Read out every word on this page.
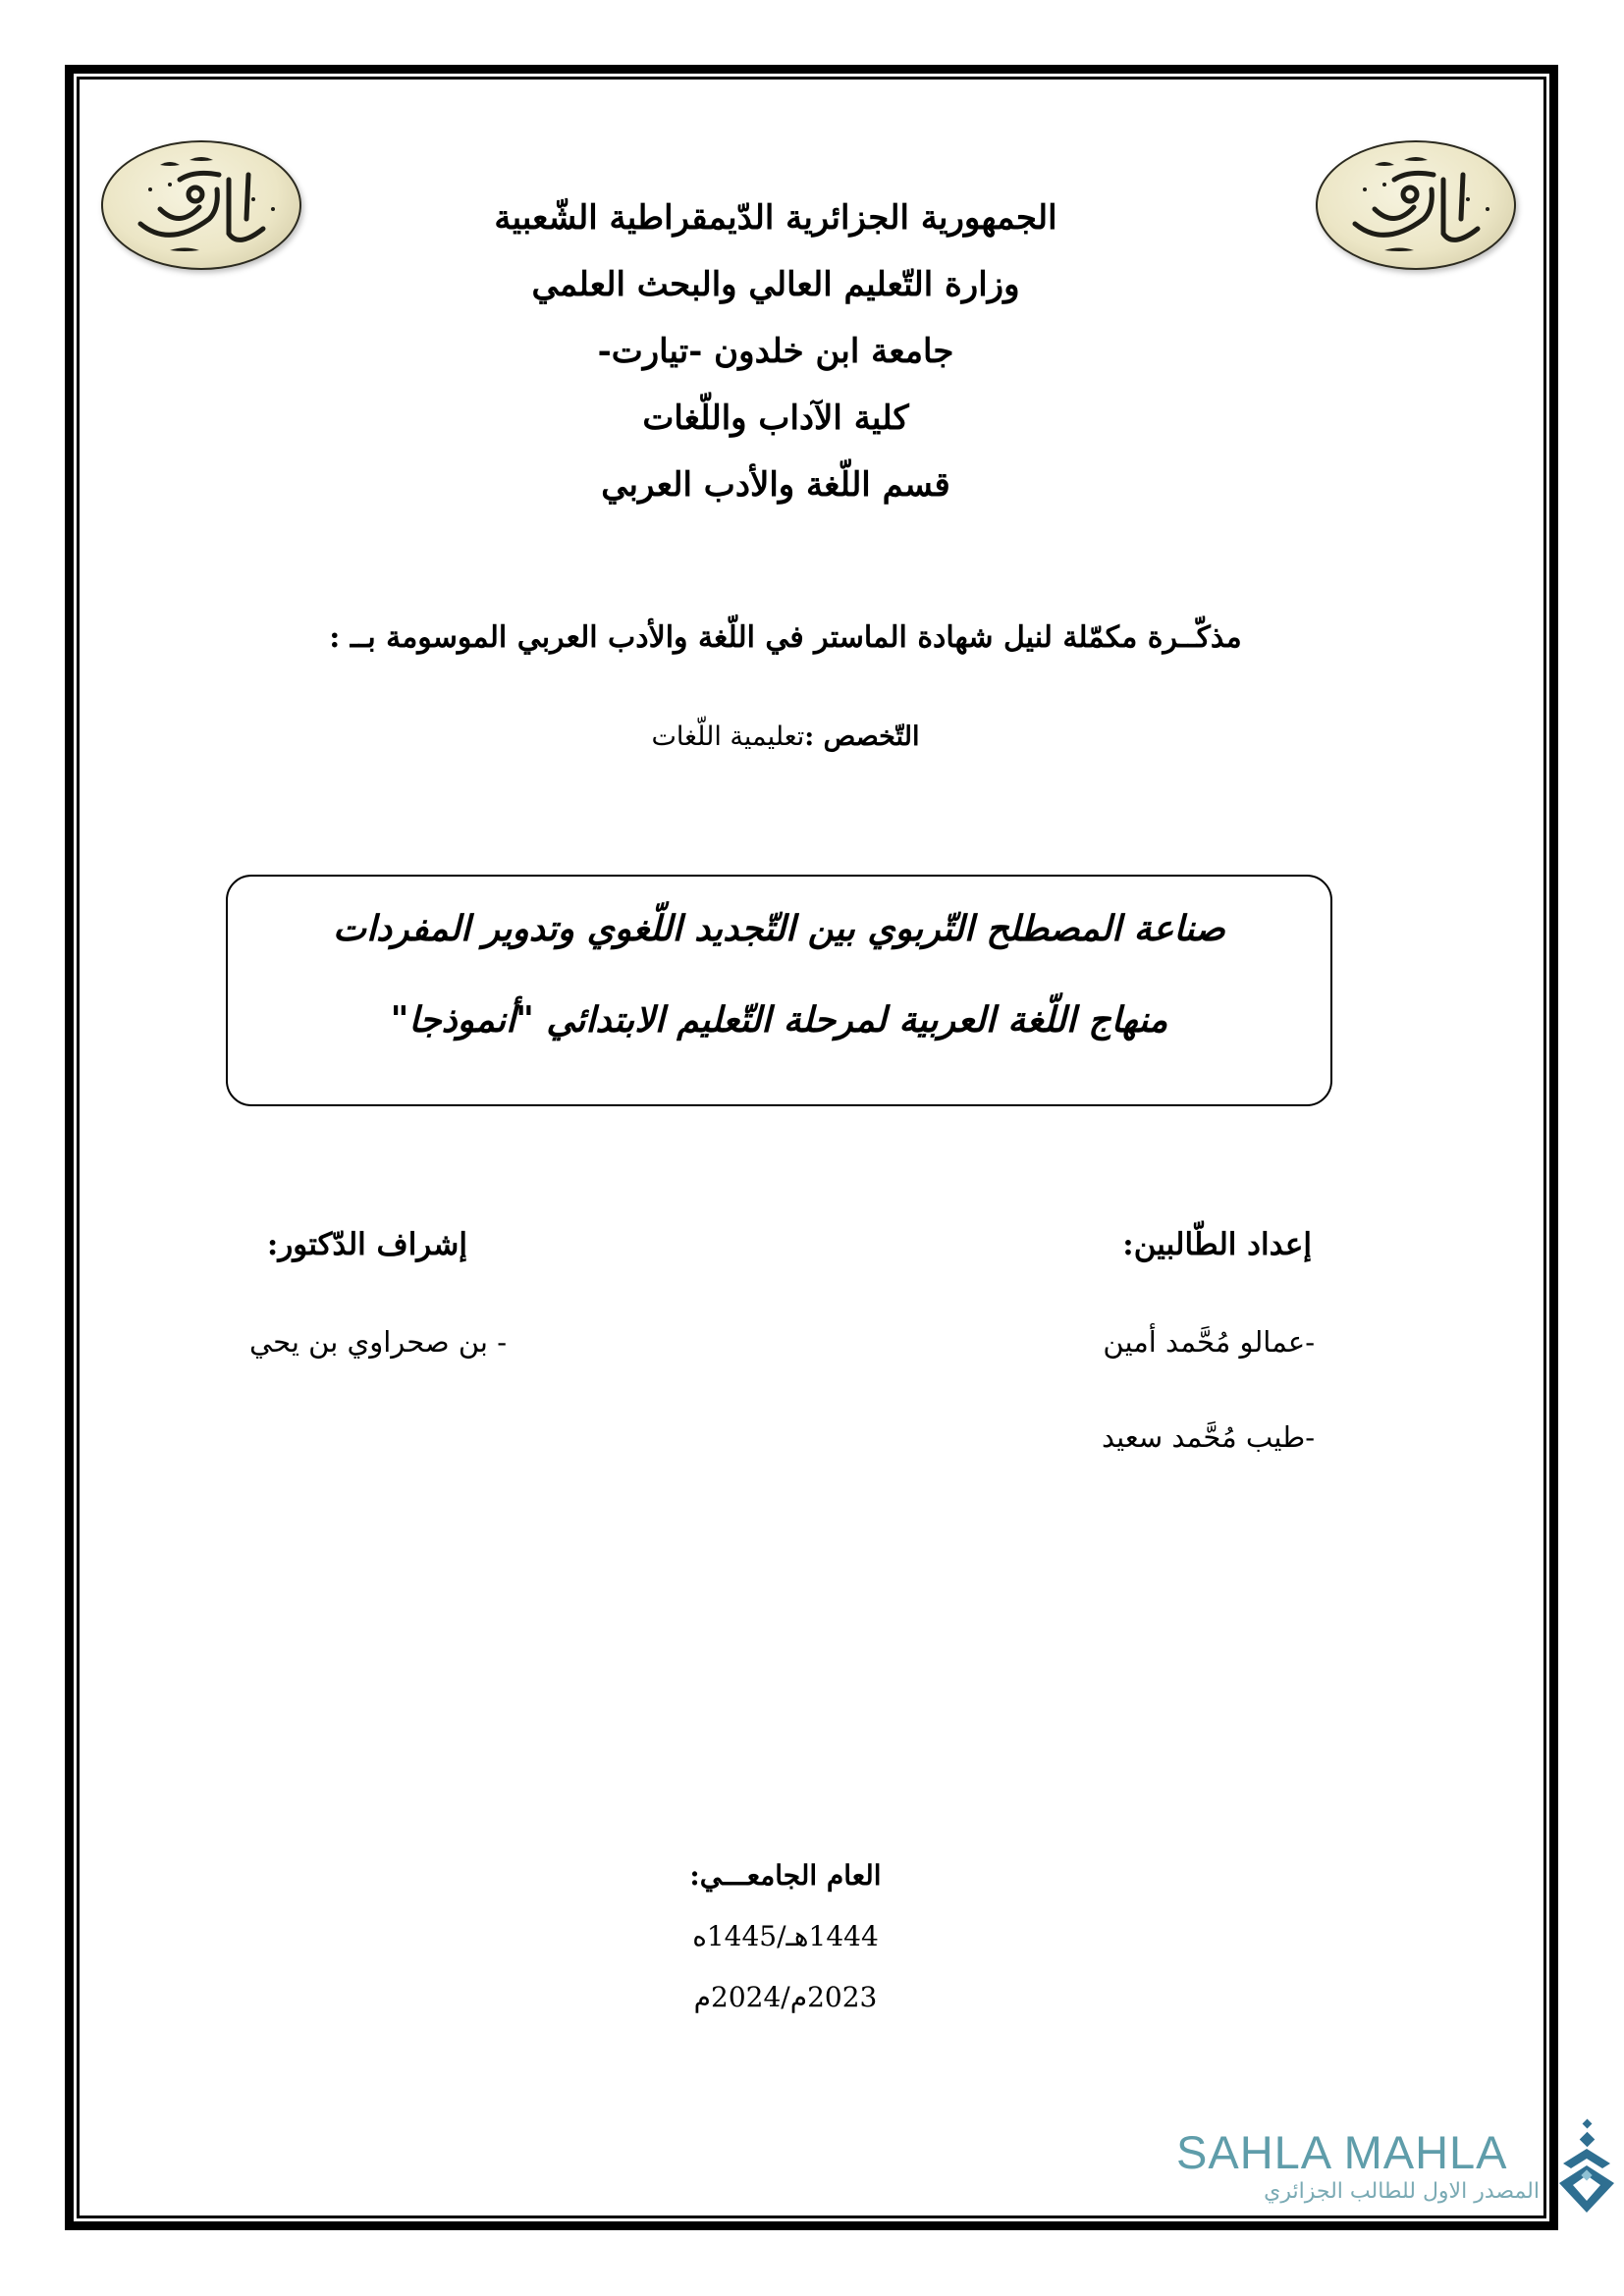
الجمهورية الجزائرية الدّيمقراطية الشّعبية
وزارة التّعليم العالي والبحث العلمي
جامعة ابن خلدون -تيارت-
كلية الآداب واللّغات
قسم اللّغة والأدب العربي
مذكّــرة مكمّلة لنيل شهادة الماستر في اللّغة والأدب العربي الموسومة بــ :
التّخصص :تعليمية اللّغات
صناعة المصطلح التّربوي بين التّجديد اللّغوي وتدوير المفردات
منهاج اللّغة العربية لمرحلة التّعليم الابتدائي "أنموذجا"
إعداد الطّالبين:
-عمالو مُحَّمد أمين
-طيب مُحَّمد سعيد
إشراف الدّكتور:
- بن صحراوي بن يحي
العام الجامعـــي:
1444هـ/1445ه
2023م/2024م
SAHLA MAHLA
المصدر الاول للطالب الجزائري
